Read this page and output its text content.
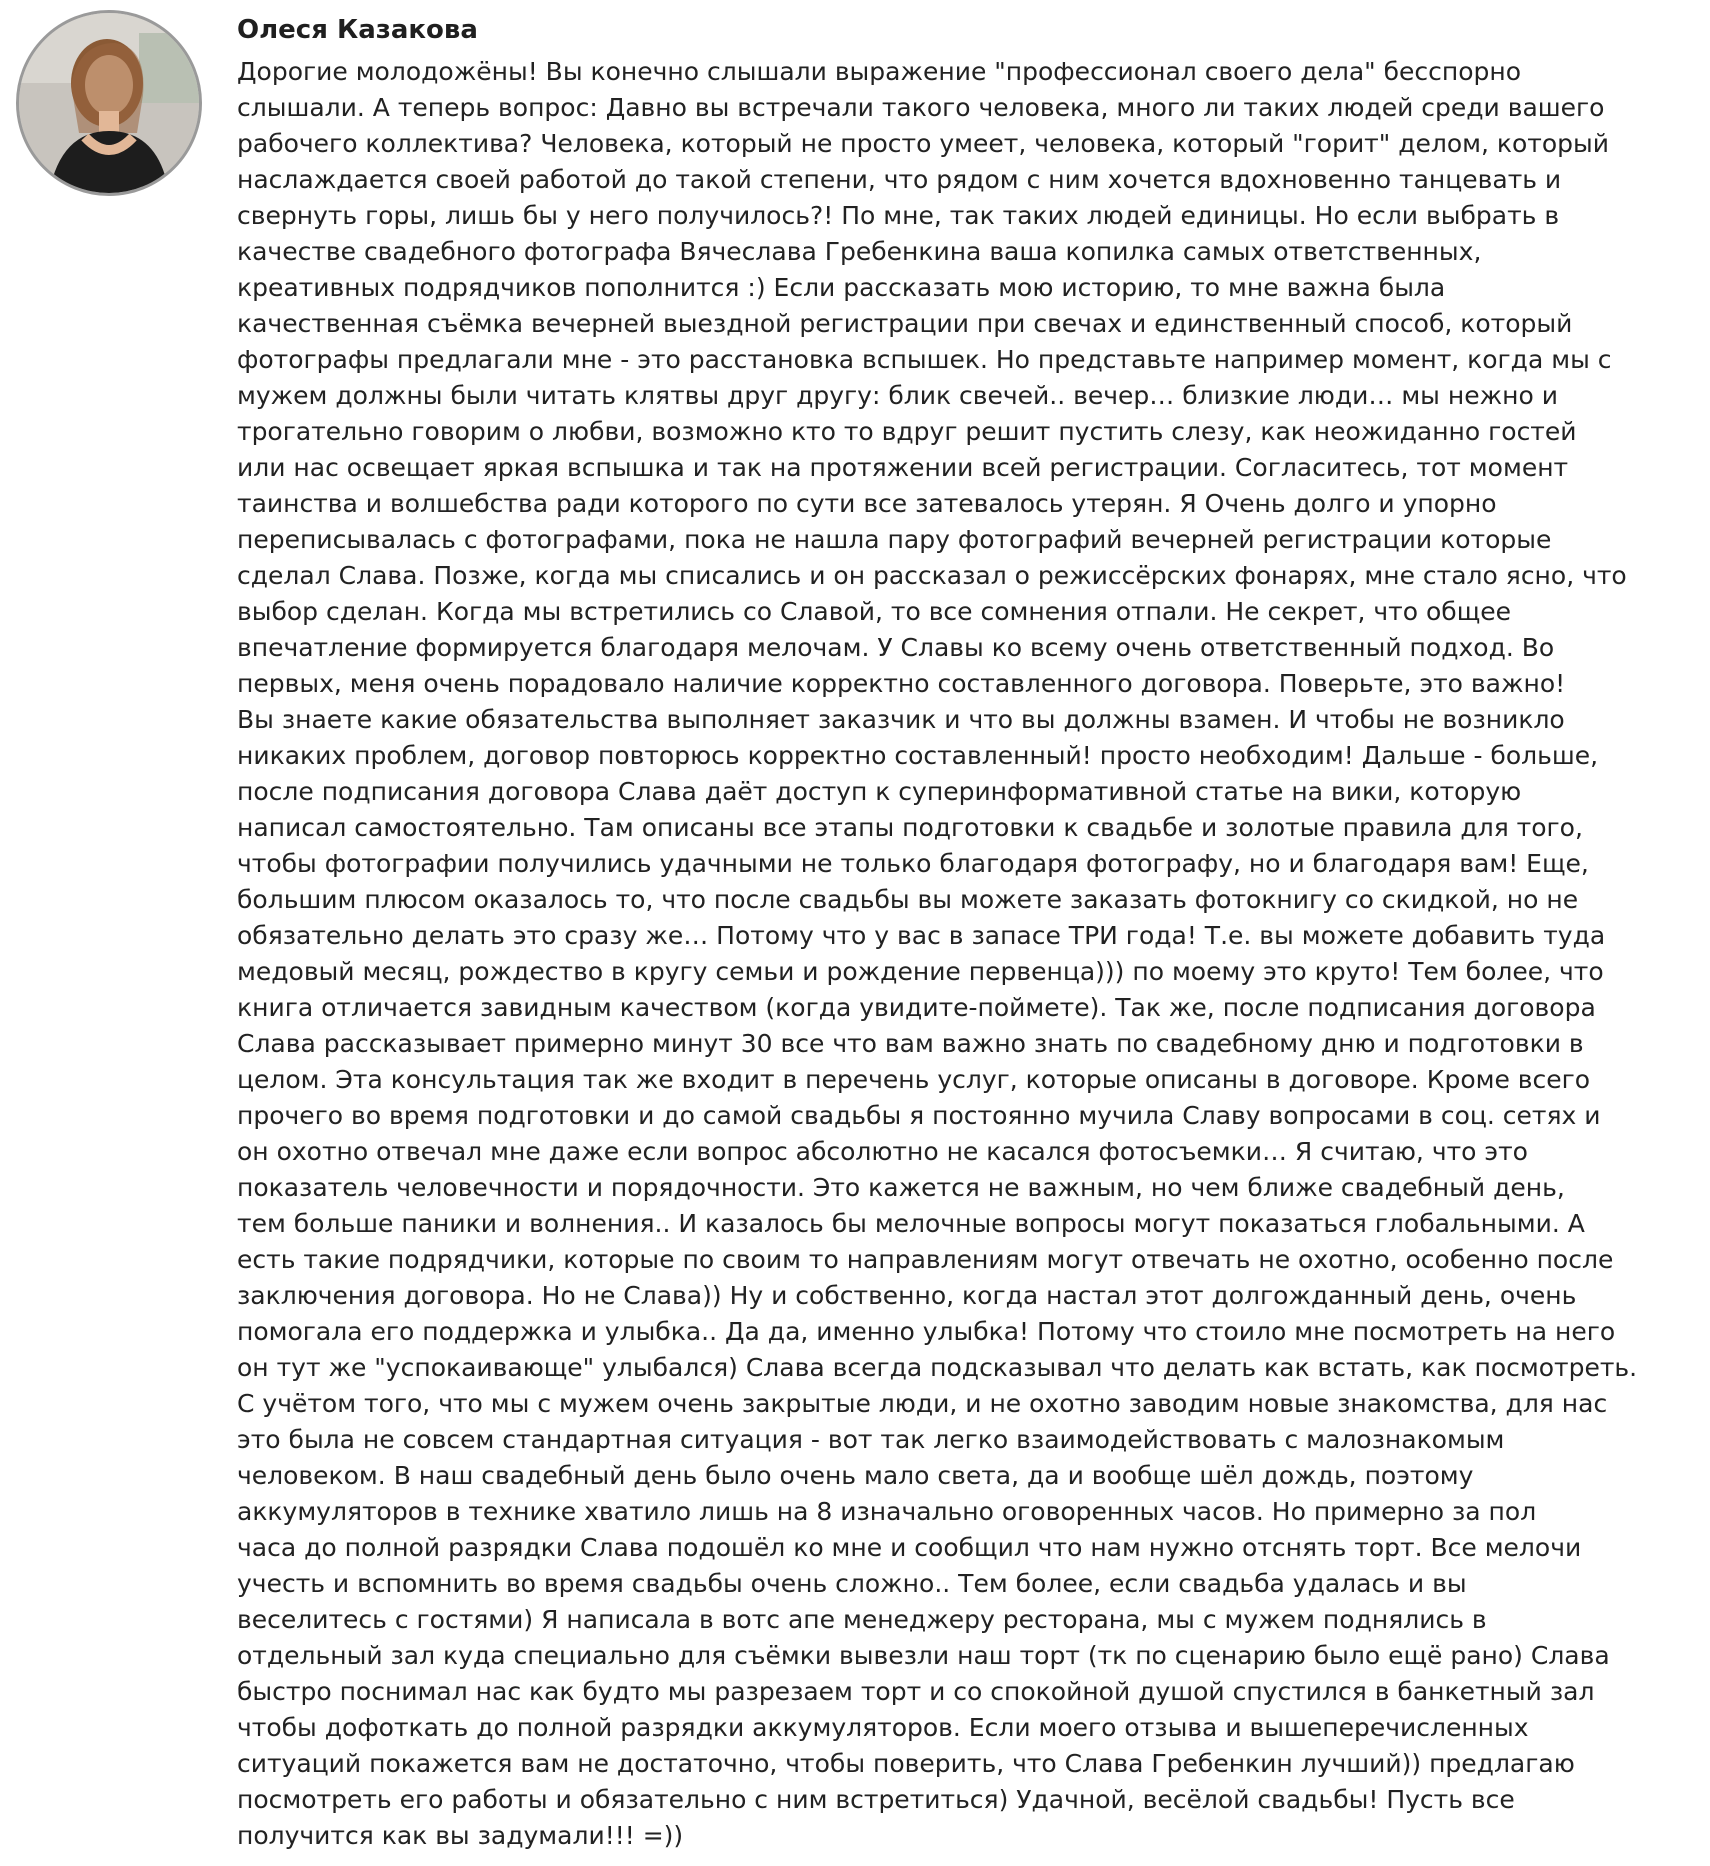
Олеся Казакова
Дорогие молодожёны! Вы конечно слышали выражение "профессионал своего дела" бесспорно
слышали. А теперь вопрос: Давно вы встречали такого человека, много ли таких людей среди вашего
рабочего коллектива? Человека, который не просто умеет, человека, который "горит" делом, который
наслаждается своей работой до такой степени, что рядом с ним хочется вдохновенно танцевать и
свернуть горы, лишь бы у него получилось?! По мне, так таких людей единицы. Но если выбрать в
качестве свадебного фотографа Вячеслава Гребенкина ваша копилка самых ответственных,
креативных подрядчиков пополнится :) Если рассказать мою историю, то мне важна была
качественная съёмка вечерней выездной регистрации при свечах и единственный способ, который
фотографы предлагали мне - это расстановка вспышек. Но представьте например момент, когда мы с
мужем должны были читать клятвы друг другу: блик свечей.. вечер… близкие люди… мы нежно и
трогательно говорим о любви, возможно кто то вдруг решит пустить слезу, как неожиданно гостей
или нас освещает яркая вспышка и так на протяжении всей регистрации. Согласитесь, тот момент
таинства и волшебства ради которого по сути все затевалось утерян. Я Очень долго и упорно
переписывалась с фотографами, пока не нашла пару фотографий вечерней регистрации которые
сделал Слава. Позже, когда мы списались и он рассказал о режиссёрских фонарях, мне стало ясно, что
выбор сделан. Когда мы встретились со Славой, то все сомнения отпали. Не секрет, что общее
впечатление формируется благодаря мелочам. У Славы ко всему очень ответственный подход. Во
первых, меня очень порадовало наличие корректно составленного договора. Поверьте, это важно!
Вы знаете какие обязательства выполняет заказчик и что вы должны взамен. И чтобы не возникло
никаких проблем, договор повторюсь корректно составленный! просто необходим! Дальше - больше,
после подписания договора Слава даёт доступ к суперинформативной статье на вики, которую
написал самостоятельно. Там описаны все этапы подготовки к свадьбе и золотые правила для того,
чтобы фотографии получились удачными не только благодаря фотографу, но и благодаря вам! Еще,
большим плюсом оказалось то, что после свадьбы вы можете заказать фотокнигу со скидкой, но не
обязательно делать это сразу же… Потому что у вас в запасе ТРИ года! Т.е. вы можете добавить туда
медовый месяц, рождество в кругу семьи и рождение первенца))) по моему это круто! Тем более, что
книга отличается завидным качеством (когда увидите-поймете). Так же, после подписания договора
Слава рассказывает примерно минут 30 все что вам важно знать по свадебному дню и подготовки в
целом. Эта консультация так же входит в перечень услуг, которые описаны в договоре. Кроме всего
прочего во время подготовки и до самой свадьбы я постоянно мучила Славу вопросами в соц. сетях и
он охотно отвечал мне даже если вопрос абсолютно не касался фотосъемки… Я считаю, что это
показатель человечности и порядочности. Это кажется не важным, но чем ближе свадебный день,
тем больше паники и волнения.. И казалось бы мелочные вопросы могут показаться глобальными. А
есть такие подрядчики, которые по своим то направлениям могут отвечать не охотно, особенно после
заключения договора. Но не Слава)) Ну и собственно, когда настал этот долгожданный день, очень
помогала его поддержка и улыбка.. Да да, именно улыбка! Потому что стоило мне посмотреть на него
он тут же "успокаивающе" улыбался) Слава всегда подсказывал что делать как встать, как посмотреть.
С учётом того, что мы с мужем очень закрытые люди, и не охотно заводим новые знакомства, для нас
это была не совсем стандартная ситуация - вот так легко взаимодействовать с малознакомым
человеком. В наш свадебный день было очень мало света, да и вообще шёл дождь, поэтому
аккумуляторов в технике хватило лишь на 8 изначально оговоренных часов. Но примерно за пол
часа до полной разрядки Слава подошёл ко мне и сообщил что нам нужно отснять торт. Все мелочи
учесть и вспомнить во время свадьбы очень сложно.. Тем более, если свадьба удалась и вы
веселитесь с гостями) Я написала в вотс апе менеджеру ресторана, мы с мужем поднялись в
отдельный зал куда специально для съёмки вывезли наш торт (тк по сценарию было ещё рано) Слава
быстро поснимал нас как будто мы разрезаем торт и со спокойной душой спустился в банкетный зал
чтобы дофоткать до полной разрядки аккумуляторов. Если моего отзыва и вышеперечисленных
ситуаций покажется вам не достаточно, чтобы поверить, что Слава Гребенкин лучший)) предлагаю
посмотреть его работы и обязательно с ним встретиться) Удачной, весёлой свадьбы! Пусть все
получится как вы задумали!!! =))
